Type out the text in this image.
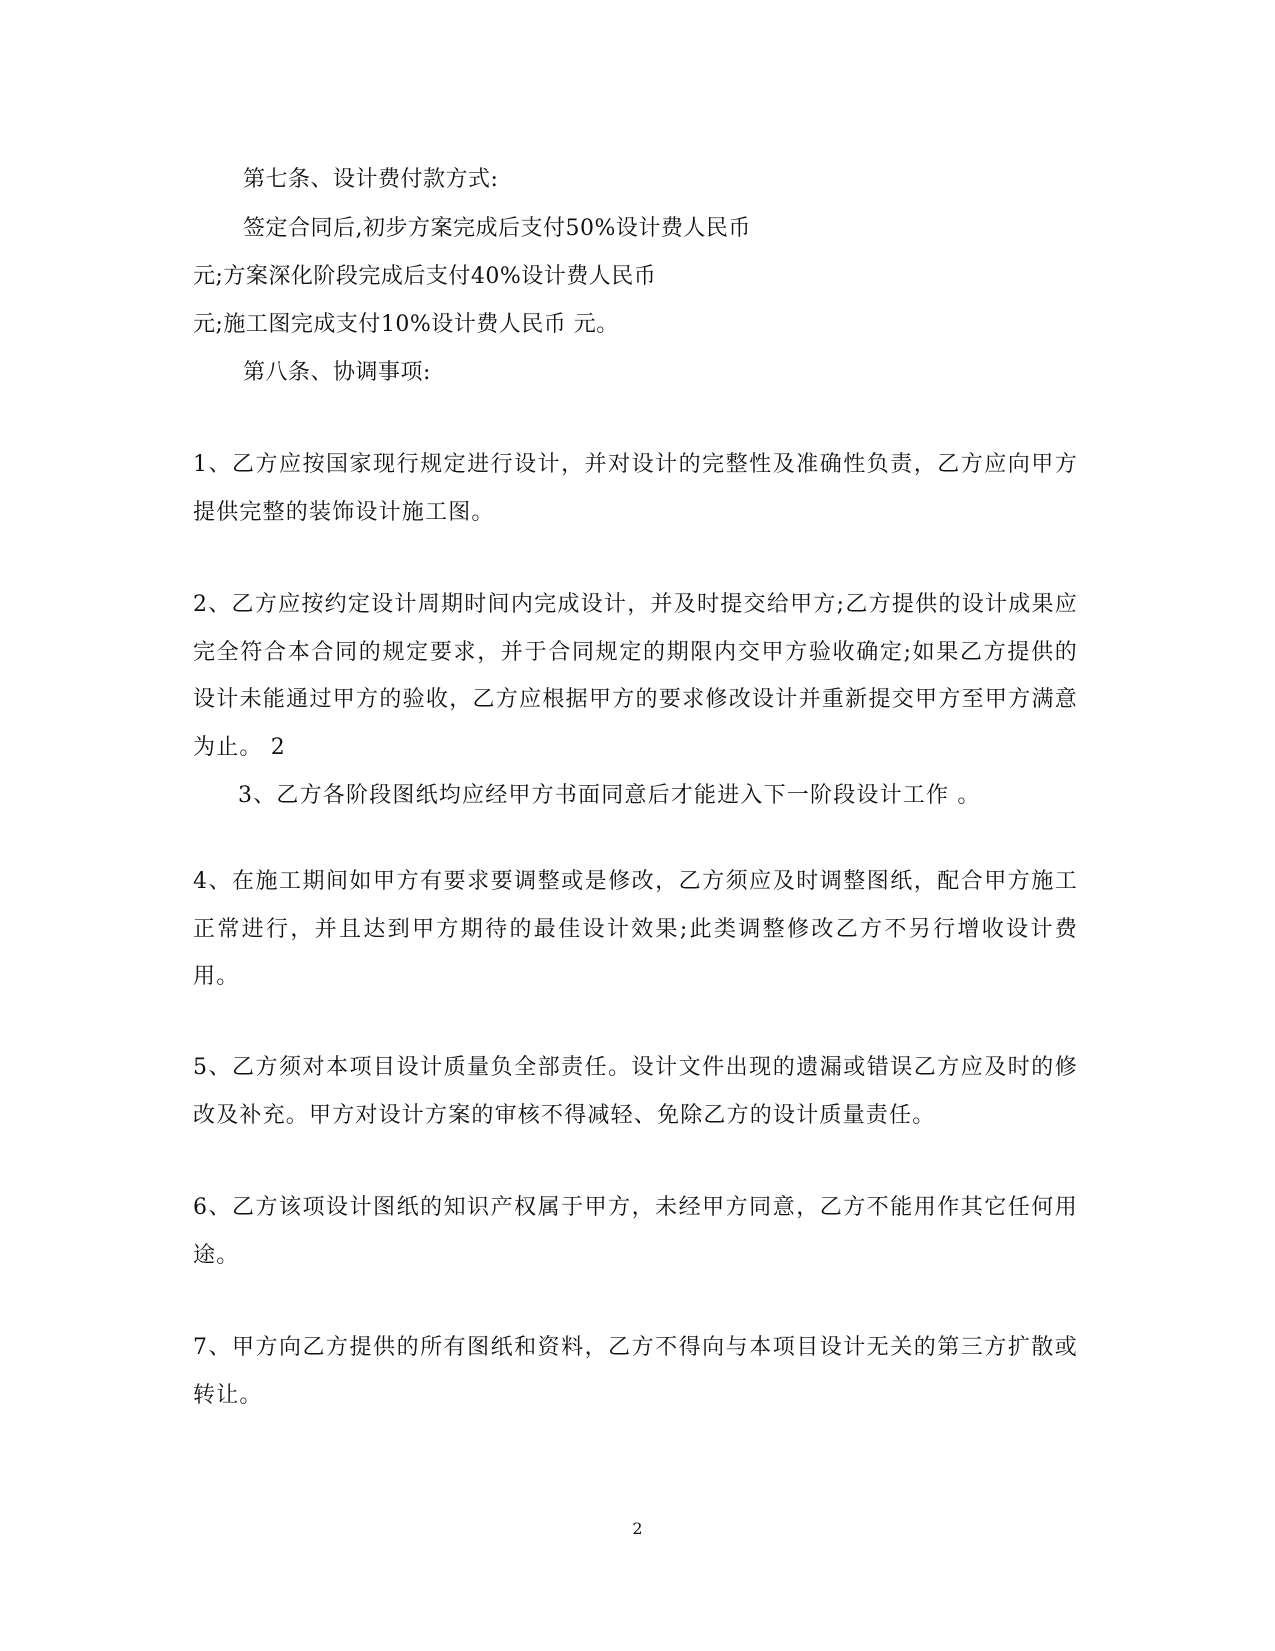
第七条、设计费付款方式:
签定合同后,初步方案完成后支付50%设计费人民币
元;方案深化阶段完成后支付40%设计费人民币
元;施工图完成支付10%设计费人民币 元。
第八条、协调事项:
1、乙方应按国家现行规定进行设计，并对设计的完整性及准确性负责，乙方应向甲方提供完整的装饰设计施工图。
2、乙方应按约定设计周期时间内完成设计，并及时提交给甲方;乙方提供的设计成果应完全符合本合同的规定要求，并于合同规定的期限内交甲方验收确定;如果乙方提供的设计未能通过甲方的验收，乙方应根据甲方的要求修改设计并重新提交甲方至甲方满意为止。 2
3、乙方各阶段图纸均应经甲方书面同意后才能进入下一阶段设计工作 。
4、在施工期间如甲方有要求要调整或是修改，乙方须应及时调整图纸，配合甲方施工正常进行，并且达到甲方期待的最佳设计效果;此类调整修改乙方不另行增收设计费用。
5、乙方须对本项目设计质量负全部责任。设计文件出现的遗漏或错误乙方应及时的修改及补充。甲方对设计方案的审核不得减轻、免除乙方的设计质量责任。
6、乙方该项设计图纸的知识产权属于甲方，未经甲方同意，乙方不能用作其它任何用途。
7、甲方向乙方提供的所有图纸和资料，乙方不得向与本项目设计无关的第三方扩散或转让。
2
